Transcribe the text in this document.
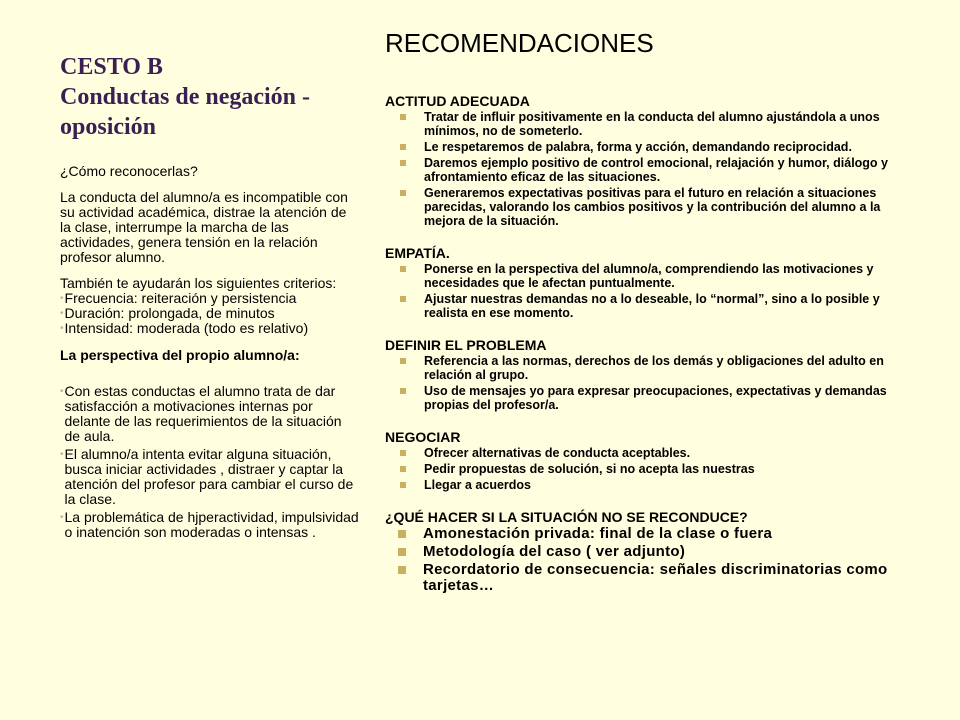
CESTO B
Conductas de negación -
oposición

¿Cómo reconocerlas?

La conducta del alumno/a es incompatible con su actividad académica, distrae la atención de la clase, interrumpe la marcha de las actividades, genera tensión en la relación profesor alumno.

También te ayudarán los siguientes criterios:

• Frecuencia: reiteración y persistencia
• Duración: prolongada, de minutos
• Intensidad: moderada (todo es relativo)

La perspectiva del propio alumno/a:

• Con estas conductas el alumno trata de dar satisfacción a motivaciones internas por delante de las requerimientos de la situación de aula.
• El alumno/a intenta evitar alguna situación, busca iniciar actividades , distraer y captar la atención del profesor para cambiar el curso de la clase.
• La problemática de hjperactividad, impulsividad o inatención son moderadas o intensas .
RECOMENDACIONES
ACTITUD ADECUADA
Tratar de influir positivamente en la conducta del alumno ajustándola a unos mínimos, no de someterlo.
Le respetaremos de palabra, forma y acción, demandando reciprocidad.
Daremos ejemplo positivo de control emocional, relajación y humor, diálogo y afrontamiento eficaz de las situaciones.
Generaremos expectativas positivas para el futuro en relación a situaciones parecidas, valorando los cambios positivos y la contribución del alumno a la mejora de la situación.
EMPATÍA.
Ponerse en la perspectiva del alumno/a, comprendiendo las motivaciones y necesidades que le afectan puntualmente.
Ajustar nuestras demandas no a lo deseable, lo “normal”, sino a lo posible y realista en ese momento.
DEFINIR EL PROBLEMA
Referencia a las normas, derechos de los demás y obligaciones del adulto en relación al grupo.
Uso de mensajes yo para expresar preocupaciones, expectativas y demandas propias del profesor/a.
NEGOCIAR
Ofrecer alternativas de conducta aceptables.
Pedir propuestas de solución, si no acepta las nuestras
Llegar a acuerdos
¿QUÉ HACER SI LA SITUACIÓN NO SE RECONDUCE?
Amonestación privada: final de la clase o fuera
Metodología del caso ( ver adjunto)
Recordatorio de consecuencia: señales discriminatorias como tarjetas…
